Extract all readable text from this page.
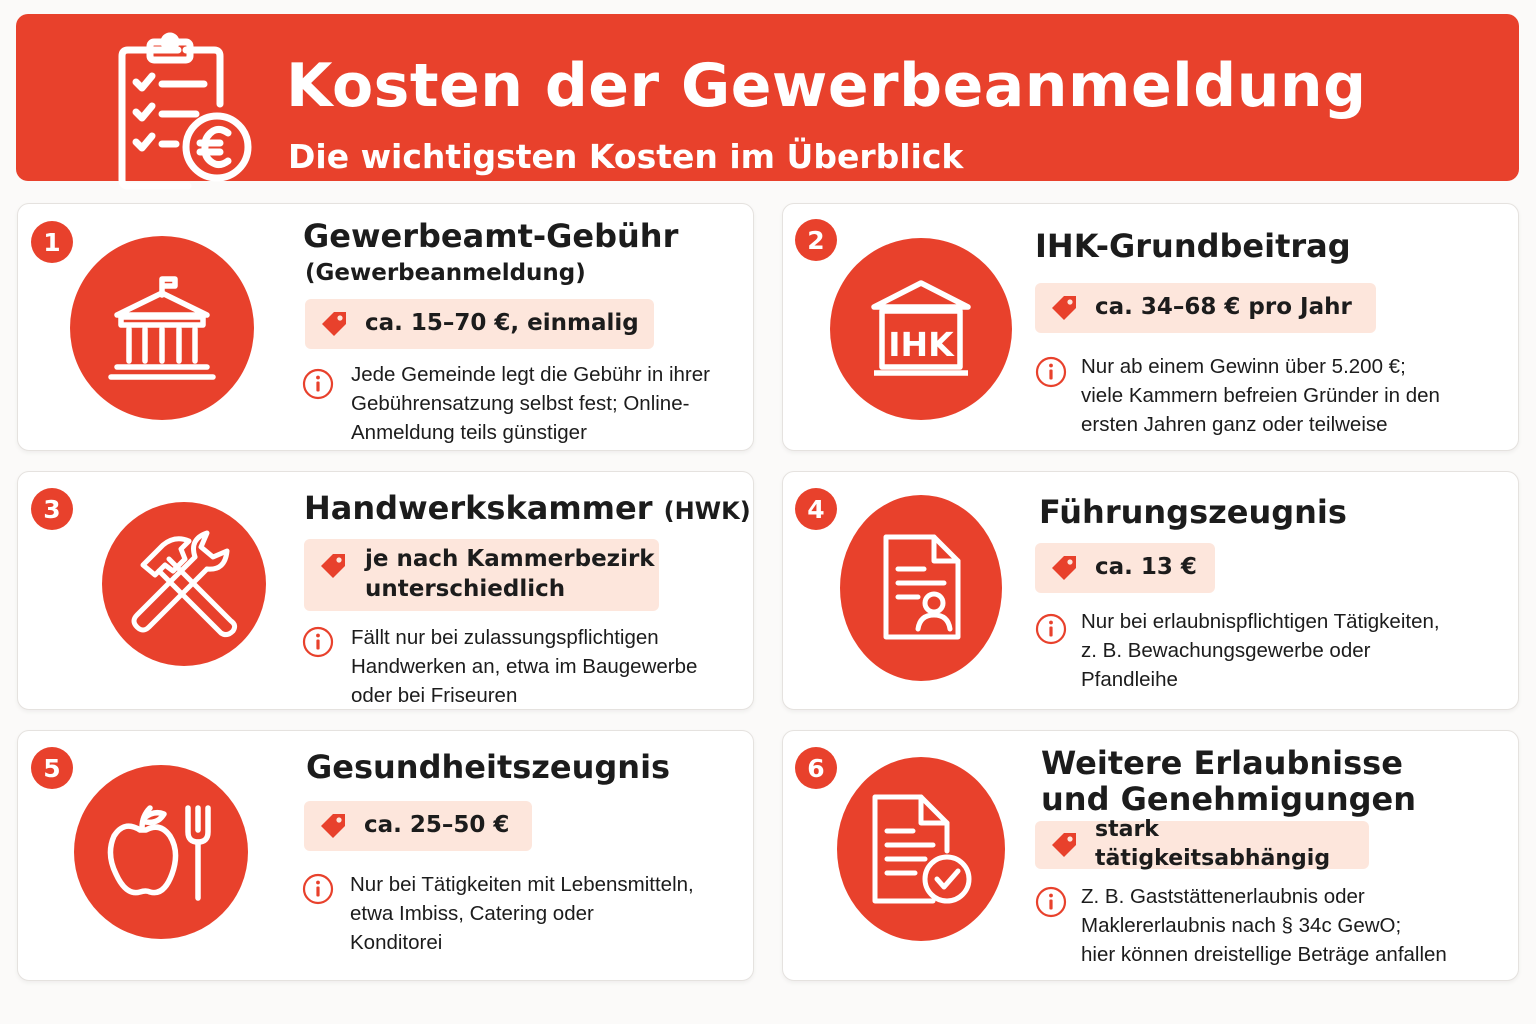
Kosten der Gewerbeanmeldung
Die wichtigsten Kosten im Überblick
1	Gewerbeamt-Gebühr
(Gewerbeanmeldung)
ca. 15–70 €, einmalig
Jede Gemeinde legt die Gebühr in ihrer
Gebührensatzung selbst fest; Online-
Anmeldung teils günstiger
2
IHK
IHK-Grundbeitrag
ca. 34–68 € pro Jahr
Nur ab einem Gewinn über 5.200 €;
viele Kammern befreien Gründer in den
ersten Jahren ganz oder teilweise
3	Handwerkskammer (HWK)
je nach Kammerbezirk
unterschiedlich
Fällt nur bei zulassungspflichtigen
Handwerken an, etwa im Baugewerbe
oder bei Friseuren
4	Führungszeugnis
ca. 13 €
Nur bei erlaubnispflichtigen Tätigkeiten,
z. B. Bewachungsgewerbe oder
Pfandleihe
5	Gesundheitszeugnis
ca. 25–50 €
Nur bei Tätigkeiten mit Lebensmitteln,
etwa Imbiss, Catering oder
Konditorei
6	Weitere Erlaubnisse
und Genehmigungen
stark tätigkeitsabhängig
Z. B. Gaststättenerlaubnis oder
Maklererlaubnis nach § 34c GewO;
hier können dreistellige Beträge anfallen
